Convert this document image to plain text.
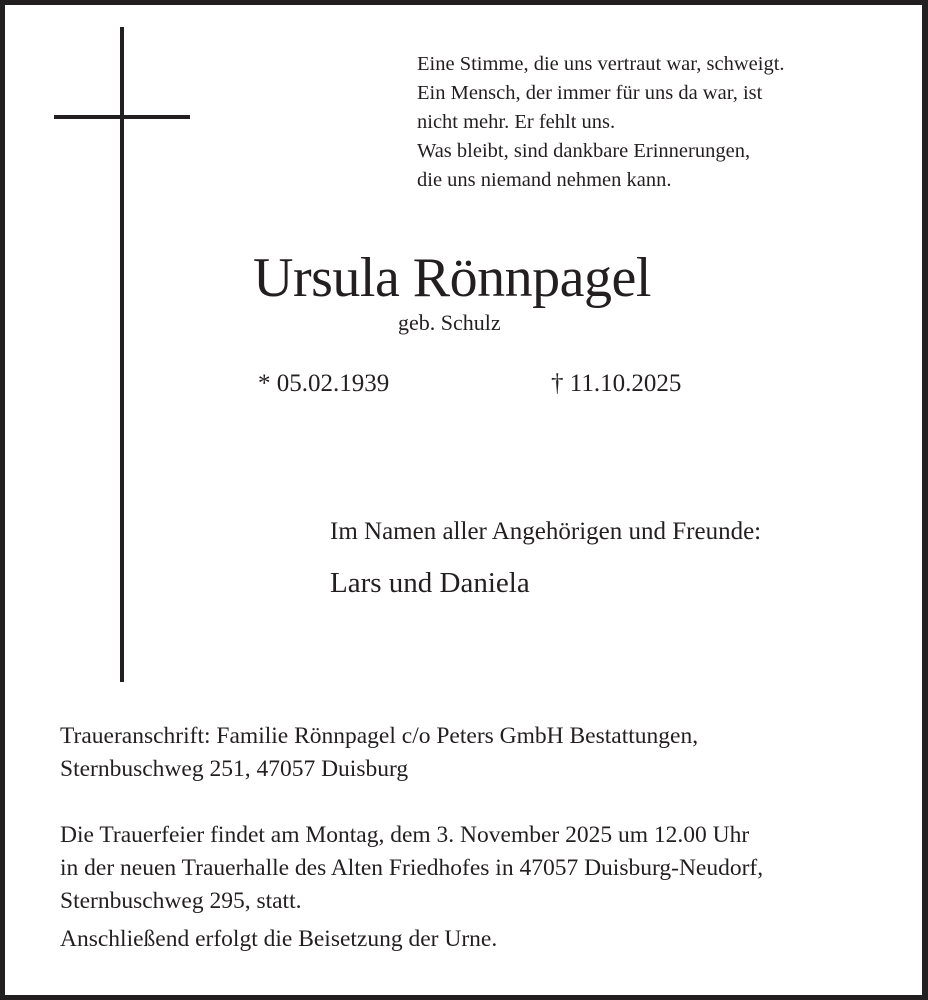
Eine Stimme, die uns vertraut war, schweigt.
Ein Mensch, der immer für uns da war, ist
nicht mehr. Er fehlt uns.
Was bleibt, sind dankbare Erinnerungen,
die uns niemand nehmen kann.
Ursula Rönnpagel
geb. Schulz
* 05.02.1939	† 11.10.2025
Im Namen aller Angehörigen und Freunde:
Lars und Daniela
Traueranschrift: Familie Rönnpagel c/o Peters GmbH Bestattungen,
Sternbuschweg 251, 47057 Duisburg
Die Trauerfeier findet am Montag, dem 3. November 2025 um 12.00 Uhr
in der neuen Trauerhalle des Alten Friedhofes in 47057 Duisburg-Neudorf,
Sternbuschweg 295, statt.
Anschließend erfolgt die Beisetzung der Urne.
